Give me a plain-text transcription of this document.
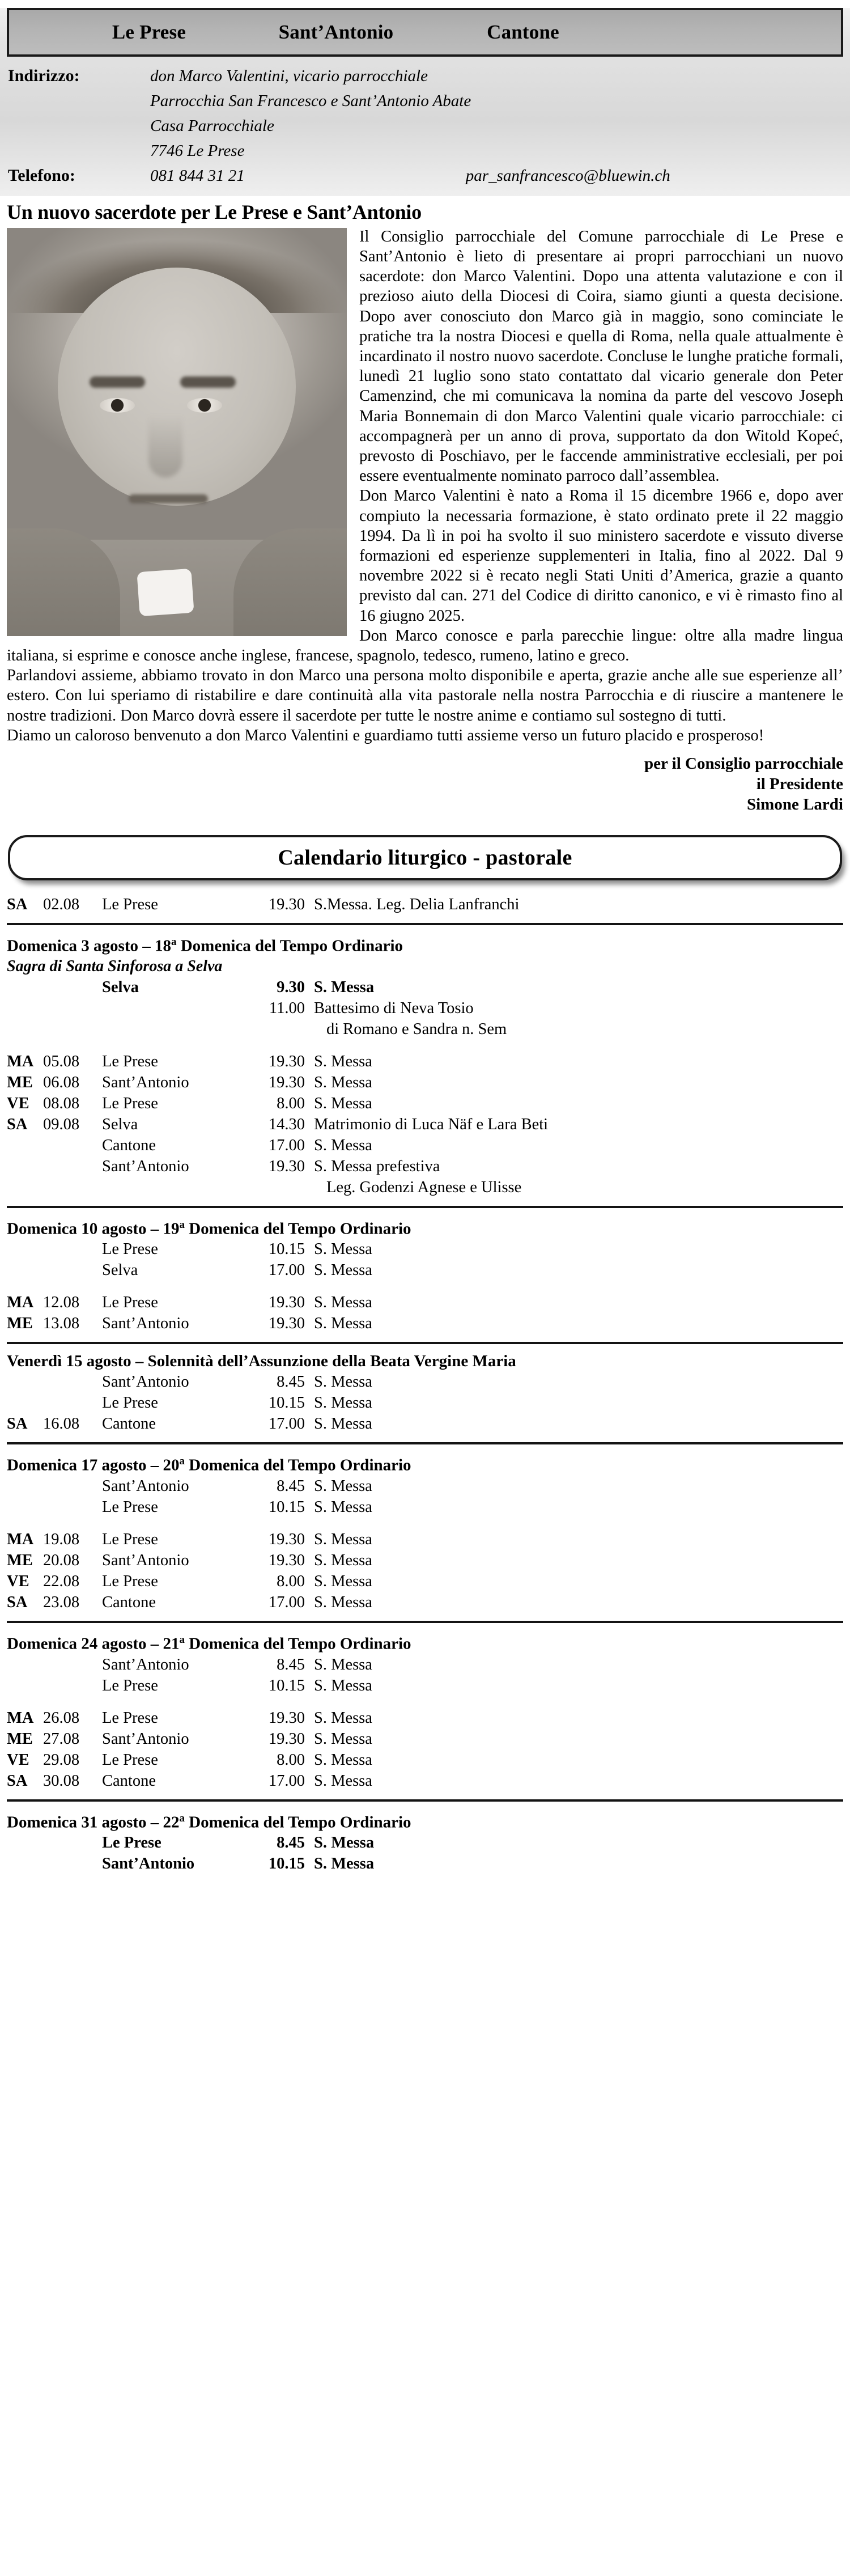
Le Prese	Sant’Antonio	Cantone
Indirizzo:	don Marco Valentini, vicario parrocchiale

Parrocchia San Francesco e Sant’Antonio Abate

Casa Parrocchiale

7746 Le Prese
Telefono:	081 844 31 21	par_sanfrancesco@bluewin.ch
Un nuovo sacerdote per Le Prese e Sant’Antonio

Il Consiglio parrocchiale del Comune parrocchiale di Le Prese e Sant’Antonio è lieto di presentare ai propri parrocchiani un nuovo sacerdote: don Marco Valentini. Dopo una attenta valutazione e con il prezioso aiuto della Diocesi di Coira, siamo giunti a questa decisione. Dopo aver conosciuto don Marco già in maggio, sono cominciate le pratiche tra la nostra Diocesi e quella di Roma, nella quale attualmente è incardinato il nostro nuovo sacerdote. Concluse le lunghe pratiche formali, lunedì 21 luglio sono stato contattato dal vicario generale don Peter Camenzind, che mi comunicava la nomina da parte del vescovo Joseph Maria Bonnemain di don Marco Valentini quale vicario parrocchiale: ci accompagnerà per un anno di prova, supportato da don Witold Kopeć, prevosto di Poschiavo, per le faccende amministrative ecclesiali, per poi essere eventualmente nominato parroco dall’assemblea.

Don Marco Valentini è nato a Roma il 15 dicembre 1966 e, dopo aver compiuto la necessaria formazione, è stato ordinato prete il 22 maggio 1994. Da lì in poi ha svolto il suo ministero sacerdote e vissuto diverse formazioni ed esperienze supplementeri in Italia, fino al 2022. Dal 9 novembre 2022 si è recato negli Stati Uniti d’America, grazie a quanto previsto dal can. 271 del Codice di diritto canonico, e vi è rimasto fino al 16 giugno 2025.

Don Marco conosce e parla parecchie lingue: oltre alla madre lingua italiana, si esprime e conosce anche inglese, francese, spagnolo, tedesco, rumeno, latino e greco.

Parlandovi assieme, abbiamo trovato in don Marco una persona molto disponibile e aperta, grazie anche alle sue esperienze all’ estero. Con lui speriamo di ristabilire e dare continuità alla vita pastorale nella nostra Parrocchia e di riuscire a mantenere le nostre tradizioni. Don Marco dovrà essere il sacerdote per tutte le nostre anime e contiamo sul sostegno di tutti.

Diamo un caloroso benvenuto a don Marco Valentini e guardiamo tutti assieme verso un futuro placido e prosperoso!

per il Consiglio parrocchiale
il Presidente
Simone Lardi
Calendario liturgico - pastorale
SA 02.08	Le Prese	19.30 S.Messa. Leg. Delia Lanfranchi
Domenica 3 agosto – 18$^a$ Domenica del Tempo Ordinario
Sagra di Santa Sinforosa a Selva

Selva	9.30 S. Messa

11.00 Battesimo di Neva Tosio

di Romano e Sandra n. Sem
MA 05.08	Le Prese	19.30 S. Messa
ME 06.08	Sant’Antonio	19.30 S. Messa
VE 08.08	Le Prese	8.00 S. Messa
SA 09.08	Selva	14.30 Matrimonio di Luca Näf e Lara Beti

Cantone	17.00 S. Messa

Sant’Antonio	19.30 S. Messa prefestiva

Leg. Godenzi Agnese e Ulisse
Domenica 10 agosto – 19$^a$ Domenica del Tempo Ordinario

Le Prese	10.15 S. Messa

Selva	17.00 S. Messa
MA 12.08	Le Prese	19.30 S. Messa
ME 13.08	Sant’Antonio	19.30 S. Messa
Venerdì 15 agosto – Solennità dell’Assunzione della Beata Vergine Maria

Sant’Antonio	8.45 S. Messa

Le Prese	10.15 S. Messa
SA 16.08	Cantone	17.00 S. Messa
Domenica 17 agosto – 20$^a$ Domenica del Tempo Ordinario

Sant’Antonio	8.45 S. Messa

Le Prese	10.15 S. Messa
MA 19.08	Le Prese	19.30 S. Messa
ME 20.08	Sant’Antonio	19.30 S. Messa
VE 22.08	Le Prese	8.00 S. Messa
SA 23.08	Cantone	17.00 S. Messa
Domenica 24 agosto – 21$^a$ Domenica del Tempo Ordinario

Sant’Antonio	8.45 S. Messa

Le Prese	10.15 S. Messa
MA 26.08	Le Prese	19.30 S. Messa
ME 27.08	Sant’Antonio	19.30 S. Messa
VE 29.08	Le Prese	8.00 S. Messa
SA 30.08	Cantone	17.00 S. Messa
Domenica 31 agosto – 22$^a$ Domenica del Tempo Ordinario

Le Prese	8.45 S. Messa

Sant’Antonio	10.15 S. Messa
